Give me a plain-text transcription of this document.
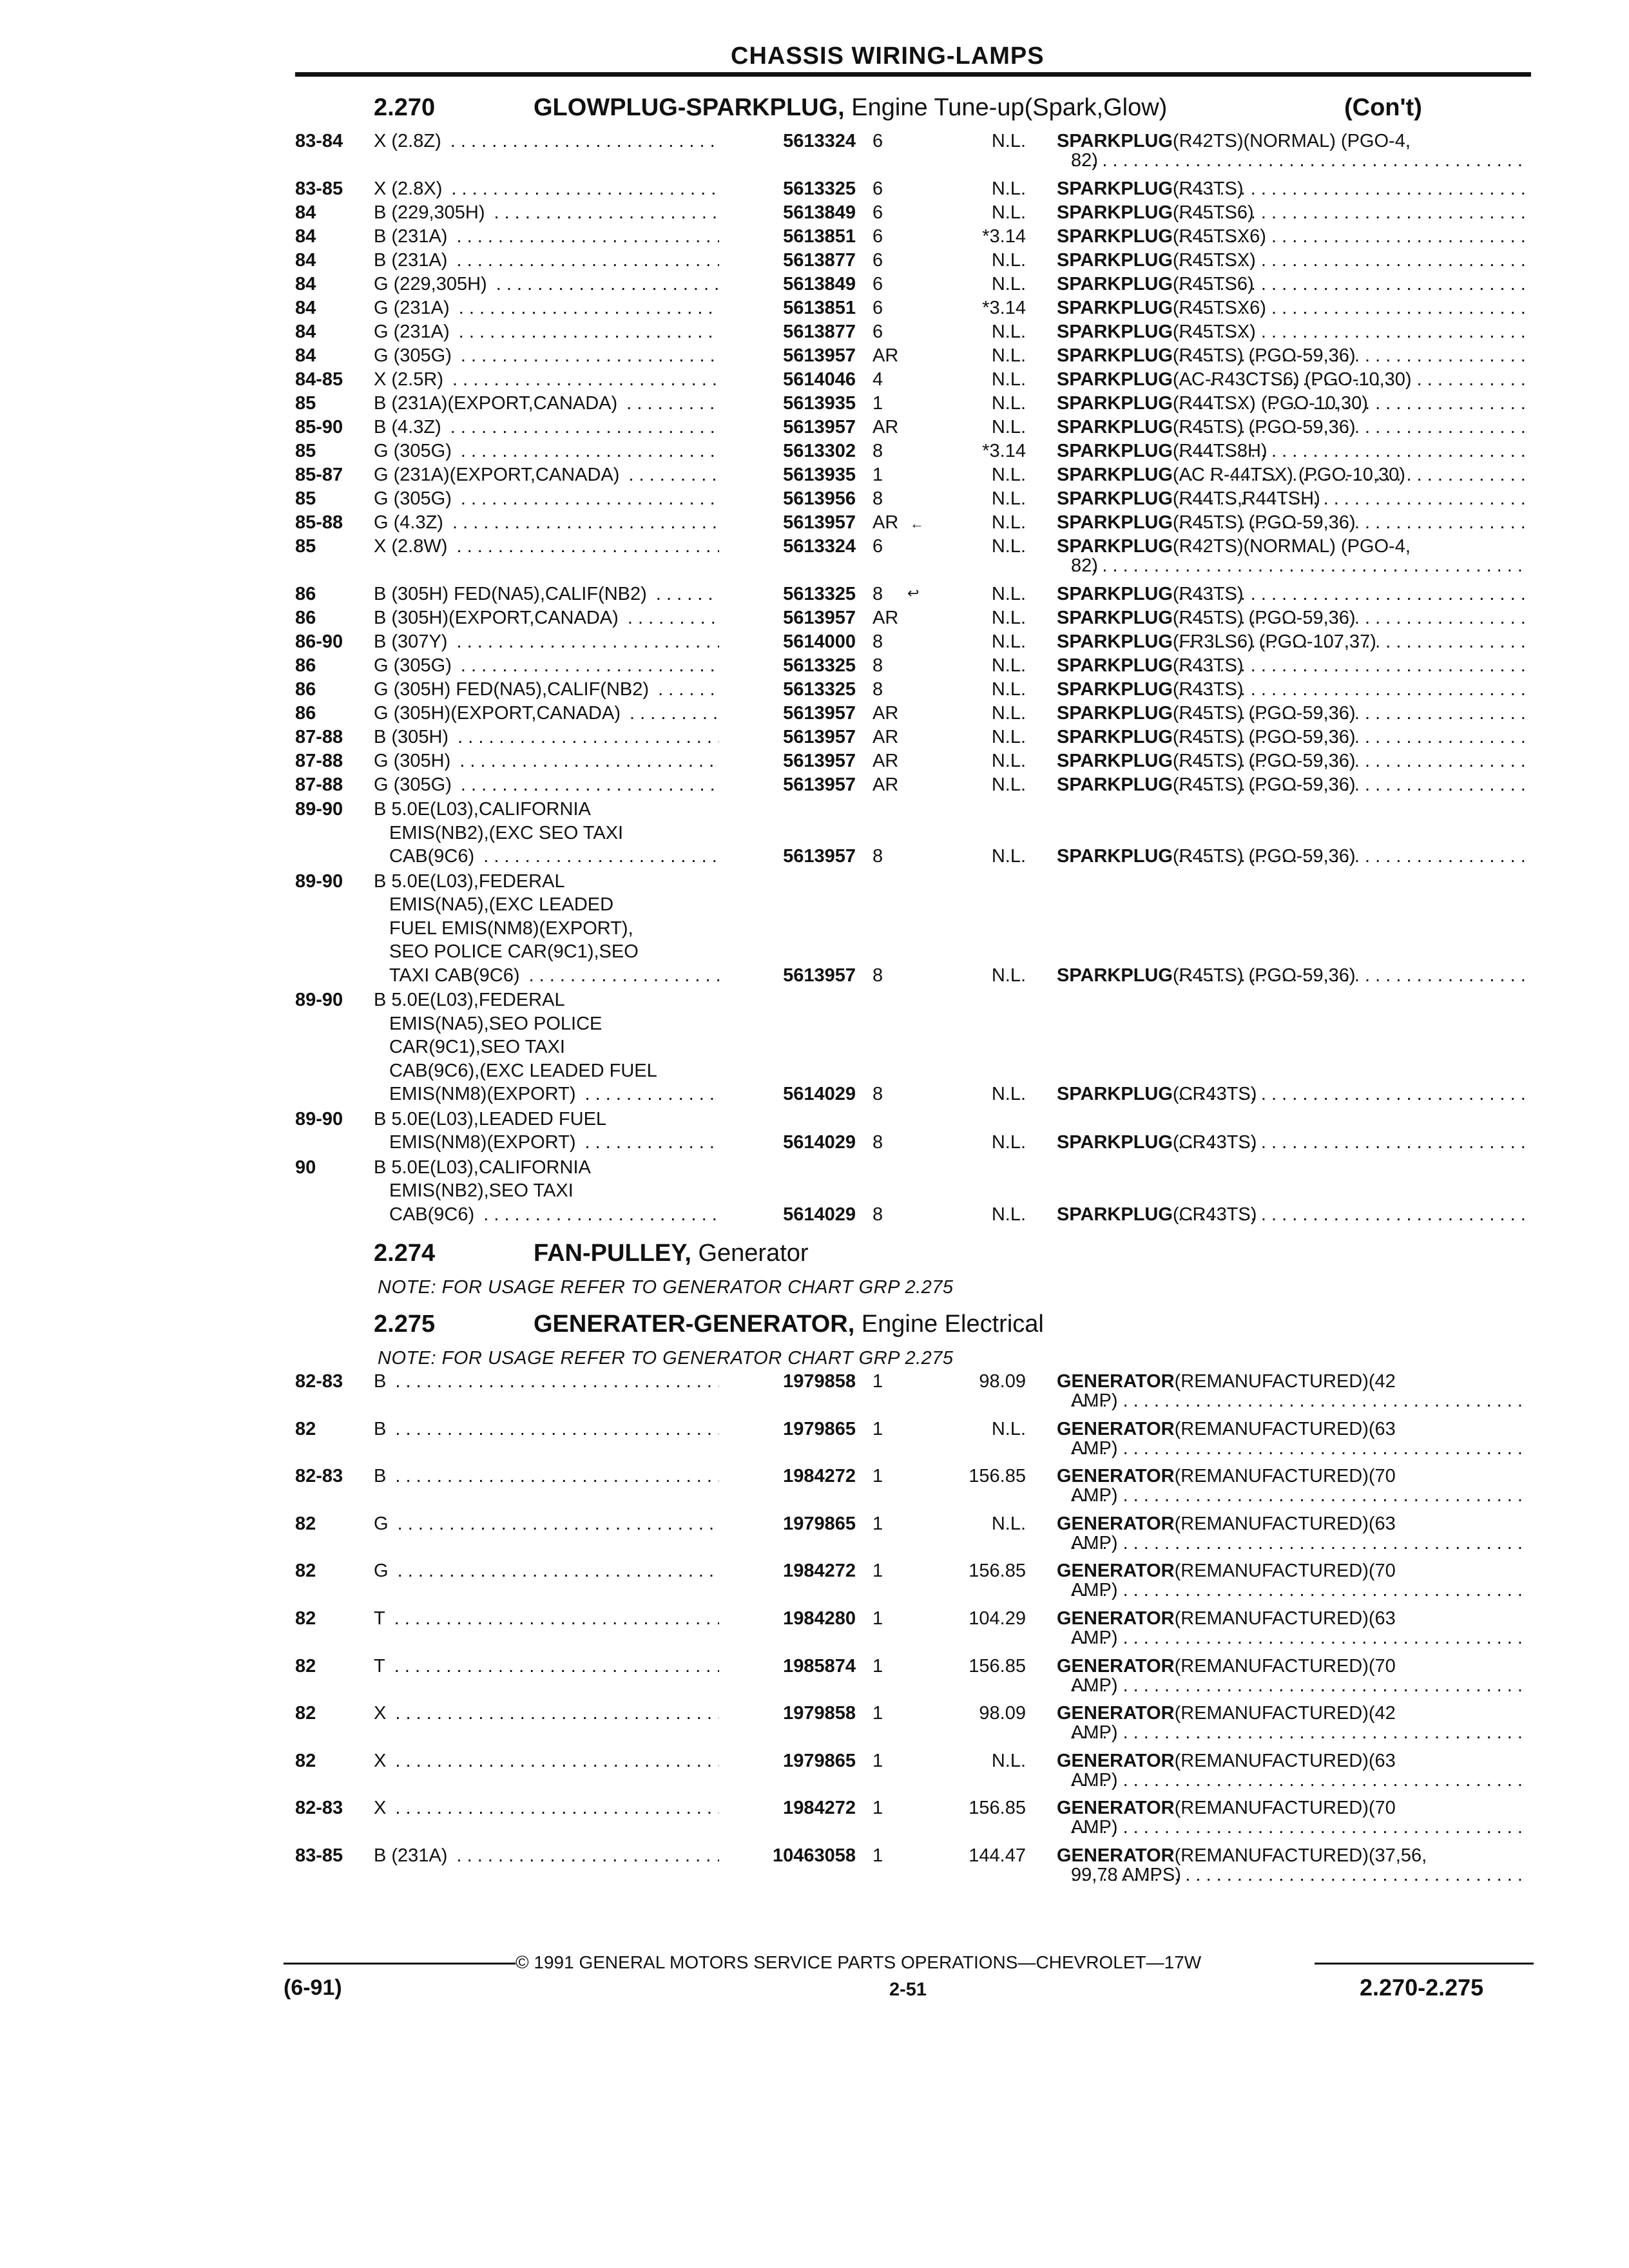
CHASSIS WIRING-LAMPS
2.270	GLOWPLUG-SPARKPLUG, Engine Tune-up(Spark,Glow)	(Con't)
83-84 X (2.8Z) . . .	5613324 6	N.L. SPARKPLUG (R42TS)(NORMAL) (PGO-4,
82)
. . .
83-85 X (2.8X) . . .	5613325 6	N.L. SPARKPLUG (R43TS)
. . .
84	B (229,305H) . . .	5613849 6	N.L. SPARKPLUG (R45TS6)
. . .
84	B (231A) . . .	5613851 6	*3.14 SPARKPLUG (R45TSX6)
. . .
84	B (231A) . . .	5613877 6	N.L. SPARKPLUG (R45TSX)
. . .
84	G (229,305H) . . .	5613849 6	N.L. SPARKPLUG (R45TS6)
. . .
84	G (231A) . . .	5613851 6	*3.14 SPARKPLUG (R45TSX6)
. . .
84	G (231A) . . .	5613877 6	N.L. SPARKPLUG (R45TSX)
. . .
84	G (305G) . . .	5613957 AR	N.L. SPARKPLUG (R45TS) (PGO-59,36)
. . .
84-85 X (2.5R) . . .	5614046 4	N.L. SPARKPLUG (AC-R43CTS6) (PGO-10,30)
. . .
85	B (231A)(EXPORT,CANADA) . . .	5613935 1	N.L. SPARKPLUG (R44TSX) (PGO-10,30)
. . .
85-90 B (4.3Z) . . .	5613957 AR	N.L. SPARKPLUG (R45TS) (PGO-59,36)
. . .
85	G (305G) . . .	5613302 8	*3.14 SPARKPLUG (R44TS8H)
. . .
85-87 G (231A)(EXPORT,CANADA) . . .	5613935 1	N.L. SPARKPLUG (AC R-44TSX) (PGO-10,30)
. . .
85	G (305G) . . .	5613956 8	N.L. SPARKPLUG (R44TS,R44TSH)
. . .
85-88 G (4.3Z) . . .	5613957 AR	N.L. SPARKPLUG (R45TS) (PGO-59,36)
. . .
85	X (2.8W) . . .	5613324 6	N.L. SPARKPLUG (R42TS)(NORMAL) (PGO-4,
82)
. . .
86	B (305H) FED(NA5),CALIF(NB2) . . .	5613325 8	N.L. SPARKPLUG (R43TS)
. . .
86	B (305H)(EXPORT,CANADA) . . .	5613957 AR	N.L. SPARKPLUG (R45TS) (PGO-59,36)
. . .
86-90 B (307Y) . . .	5614000 8	N.L. SPARKPLUG (FR3LS6) (PGO-107,37)
. . .
86	G (305G) . . .	5613325 8	N.L. SPARKPLUG (R43TS)
. . .
86	G (305H) FED(NA5),CALIF(NB2) . . .	5613325 8	N.L. SPARKPLUG (R43TS)
. . .
86	G (305H)(EXPORT,CANADA) . . .	5613957 AR	N.L. SPARKPLUG (R45TS) (PGO-59,36)
. . .
87-88 B (305H) . . .	5613957 AR	N.L. SPARKPLUG (R45TS) (PGO-59,36)
. . .
87-88 G (305H) . . .	5613957 AR	N.L. SPARKPLUG (R45TS) (PGO-59,36)
. . .
87-88 G (305G) . . .	5613957 AR	N.L. SPARKPLUG (R45TS) (PGO-59,36)
. . .
89-90 B 5.0E(L03),CALIFORNIA
EMIS(NB2),(EXC SEO TAXI
CAB(9C6) . . .	5613957 8	N.L. SPARKPLUG (R45TS) (PGO-59,36)
. . .
89-90 B 5.0E(L03),FEDERAL
EMIS(NA5),(EXC LEADED
FUEL EMIS(NM8)(EXPORT),
SEO POLICE CAR(9C1),SEO
TAXI CAB(9C6) . . .	5613957 8	N.L. SPARKPLUG (R45TS) (PGO-59,36)
. . .
89-90 B 5.0E(L03),FEDERAL
EMIS(NA5),SEO POLICE
CAR(9C1),SEO TAXI
CAB(9C6),(EXC LEADED FUEL
EMIS(NM8)(EXPORT) . . .	5614029 8	N.L. SPARKPLUG (CR43TS)
. . .
89-90 B 5.0E(L03),LEADED FUEL
EMIS(NM8)(EXPORT) . . .	5614029 8	N.L. SPARKPLUG (CR43TS)
. . .
90	B 5.0E(L03),CALIFORNIA
EMIS(NB2),SEO TAXI
CAB(9C6) . . .	5614029 8	N.L. SPARKPLUG (CR43TS)
. . .
2.274	FAN-PULLEY, Generator
NOTE: FOR USAGE REFER TO GENERATOR CHART GRP 2.275
2.275	GENERATER-GENERATOR, Engine Electrical
NOTE: FOR USAGE REFER TO GENERATOR CHART GRP 2.275
82-83 B . . .	1979858 1	98.09 GENERATOR (REMANUFACTURED)(42
AMP)
. . .
82	B . . .	1979865 1	N.L. GENERATOR (REMANUFACTURED)(63
AMP)
. . .
82-83 B . . .	1984272 1	156.85 GENERATOR (REMANUFACTURED)(70
AMP)
. . .
82	G . . .	1979865 1	N.L. GENERATOR (REMANUFACTURED)(63
AMP)
. . .
82	G . . .	1984272 1	156.85 GENERATOR (REMANUFACTURED)(70
AMP)
. . .
82	T . . .	1984280 1	104.29 GENERATOR (REMANUFACTURED)(63
AMP)
. . .
82	T . . .	1985874 1	156.85 GENERATOR (REMANUFACTURED)(70
AMP)
. . .
82	X . . .	1979858 1	98.09 GENERATOR (REMANUFACTURED)(42
AMP)
. . .
82	X . . .	1979865 1	N.L. GENERATOR (REMANUFACTURED)(63
AMP)
. . .
82-83 X . . .	1984272 1	156.85 GENERATOR (REMANUFACTURED)(70
AMP)
. . .
83-85 B (231A) . . .	10463058 1	144.47 GENERATOR (REMANUFACTURED)(37,56,
99,78 AMPS)
. . .
←
↩
© 1991 GENERAL MOTORS SERVICE PARTS OPERATIONS—CHEVROLET—17W
(6-91)	2-51	2.270-2.275
